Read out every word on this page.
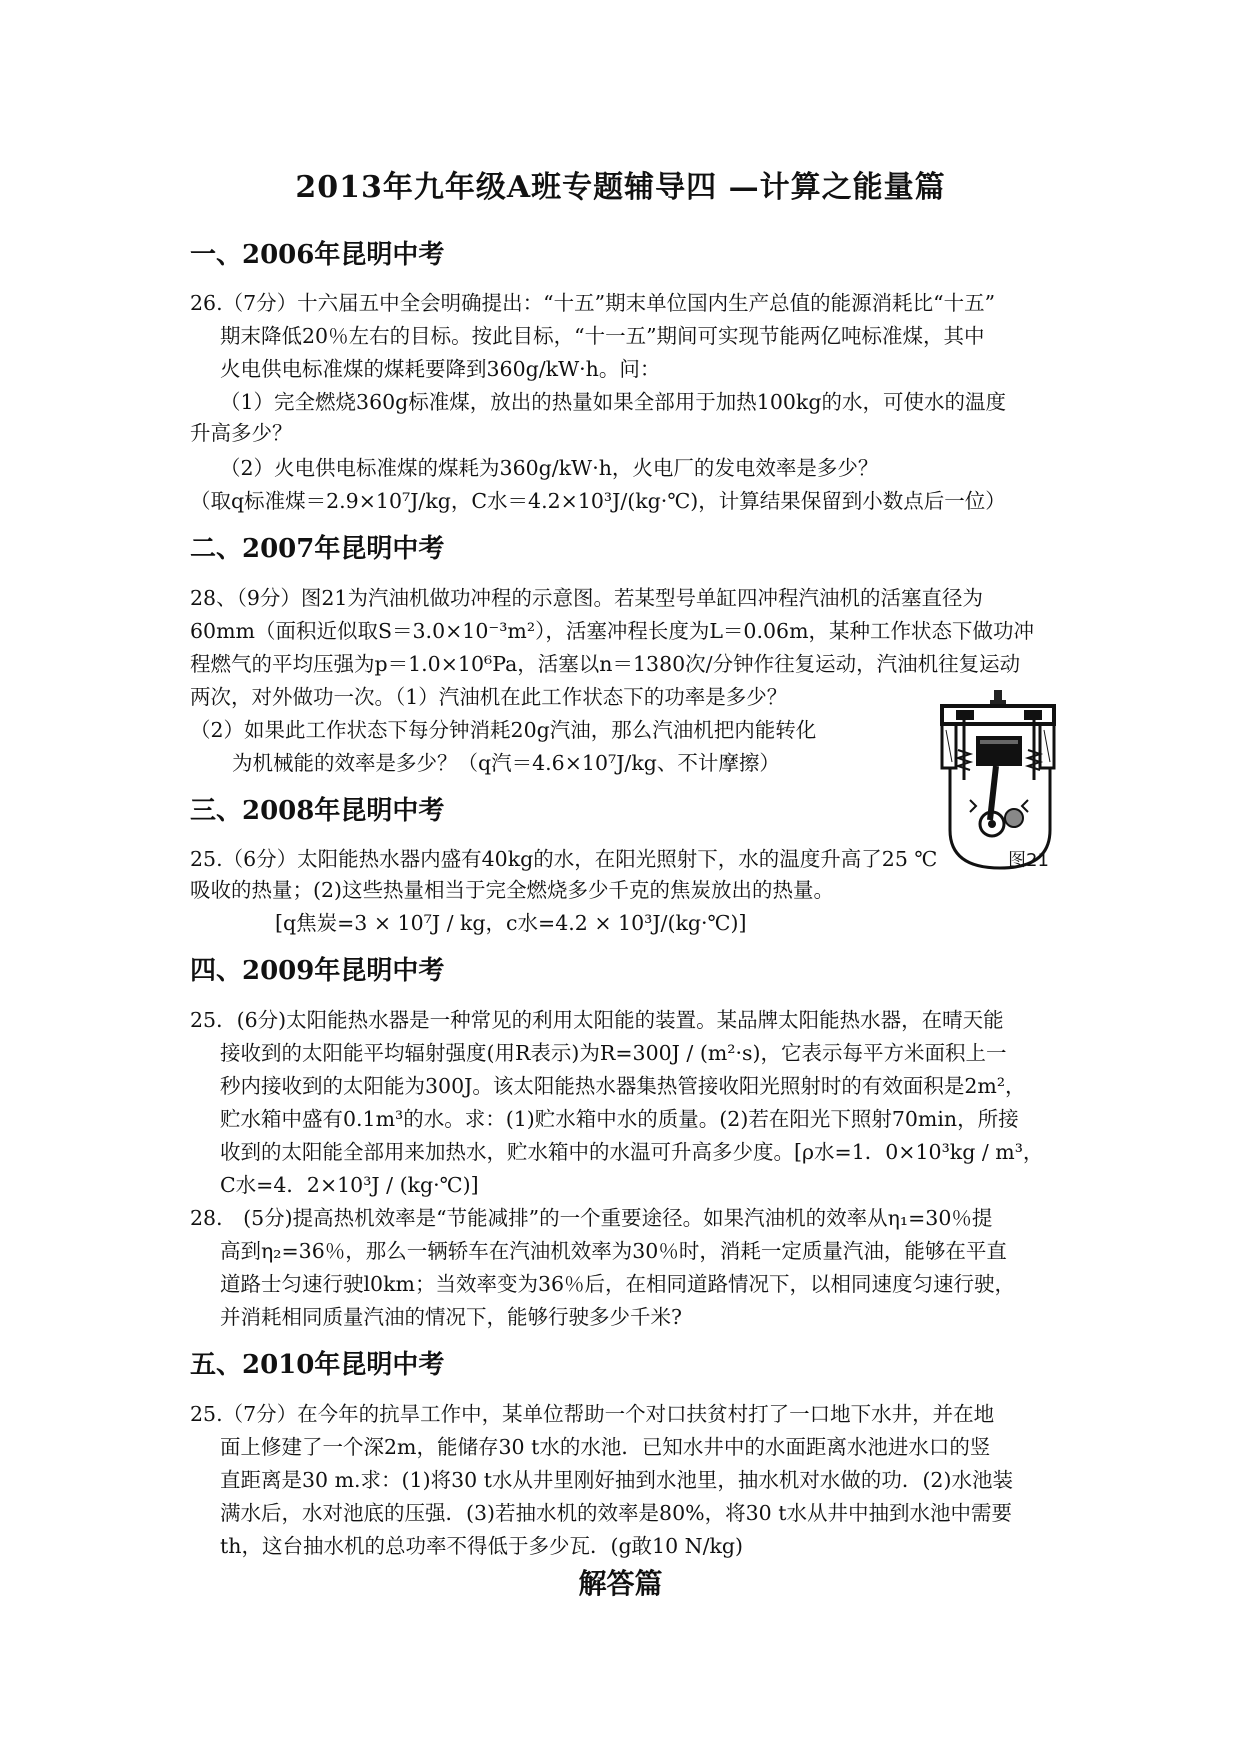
2013年九年级A班专题辅导四 —计算之能量篇
一、2006年昆明中考
26.（7分）十六届五中全会明确提出：“十五”期末单位国内生产总值的能源消耗比“十五”
期末降低20％左右的目标。按此目标，“十一五”期间可实现节能两亿吨标准煤，其中
火电供电标准煤的煤耗要降到360g/kW·h。问：
（1）完全燃烧360g标准煤，放出的热量如果全部用于加热100kg的水，可使水的温度
升高多少？
（2）火电供电标准煤的煤耗为360g/kW·h，火电厂的发电效率是多少？
（取q标准煤＝2.9×10⁷J/kg，C水＝4.2×10³J/(kg·℃)，计算结果保留到小数点后一位）
二、2007年昆明中考
28、（9分）图21为汽油机做功冲程的示意图。若某型号单缸四冲程汽油机的活塞直径为
60mm（面积近似取S＝3.0×10⁻³m²），活塞冲程长度为L＝0.06m，某种工作状态下做功冲
程燃气的平均压强为p＝1.0×10⁶Pa，活塞以n＝1380次/分钟作往复运动，汽油机往复运动
两次，对外做功一次。（1）汽油机在此工作状态下的功率是多少？
（2）如果此工作状态下每分钟消耗20g汽油，那么汽油机把内能转化
为机械能的效率是多少？（q汽＝4.6×10⁷J/kg、不计摩擦）
图21
三、2008年昆明中考
25.（6分）太阳能热水器内盛有40kg的水，在阳光照射下，水的温度升高了25 ℃
吸收的热量；(2)这些热量相当于完全燃烧多少千克的焦炭放出的热量。
[q焦炭=3 × 10⁷J / kg，c水=4.2 × 10³J/(kg·℃)]
四、2009年昆明中考
25．(6分)太阳能热水器是一种常见的利用太阳能的装置。某品牌太阳能热水器，在晴天能
接收到的太阳能平均辐射强度(用R表示)为R=300J / (m²·s)，它表示每平方米面积上一
秒内接收到的太阳能为300J。该太阳能热水器集热管接收阳光照射时的有效面积是2m²，
贮水箱中盛有0.1m³的水。求：(1)贮水箱中水的质量。(2)若在阳光下照射70min，所接
收到的太阳能全部用来加热水，贮水箱中的水温可升高多少度。[ρ水=1．0×10³kg / m³，
C水=4．2×10³J / (kg·℃)]
28． (5分)提高热机效率是“节能减排”的一个重要途径。如果汽油机的效率从η₁=30％提
高到η₂=36％，那么一辆轿车在汽油机效率为30％时，消耗一定质量汽油，能够在平直
道路士匀速行驶l0km；当效率变为36％后，在相同道路情况下，以相同速度匀速行驶，
并消耗相同质量汽油的情况下，能够行驶多少千米?
五、2010年昆明中考
25.（7分）在今年的抗旱工作中，某单位帮助一个对口扶贫村打了一口地下水井，并在地
面上修建了一个深2m，能储存30 t水的水池．已知水井中的水面距离水池进水口的竖
直距离是30 m.求：(1)将30 t水从井里刚好抽到水池里，抽水机对水做的功．(2)水池装
满水后，水对池底的压强．(3)若抽水机的效率是80%，将30 t水从井中抽到水池中需要
th，这台抽水机的总功率不得低于多少瓦．(g敢10 N/kg)
解答篇
